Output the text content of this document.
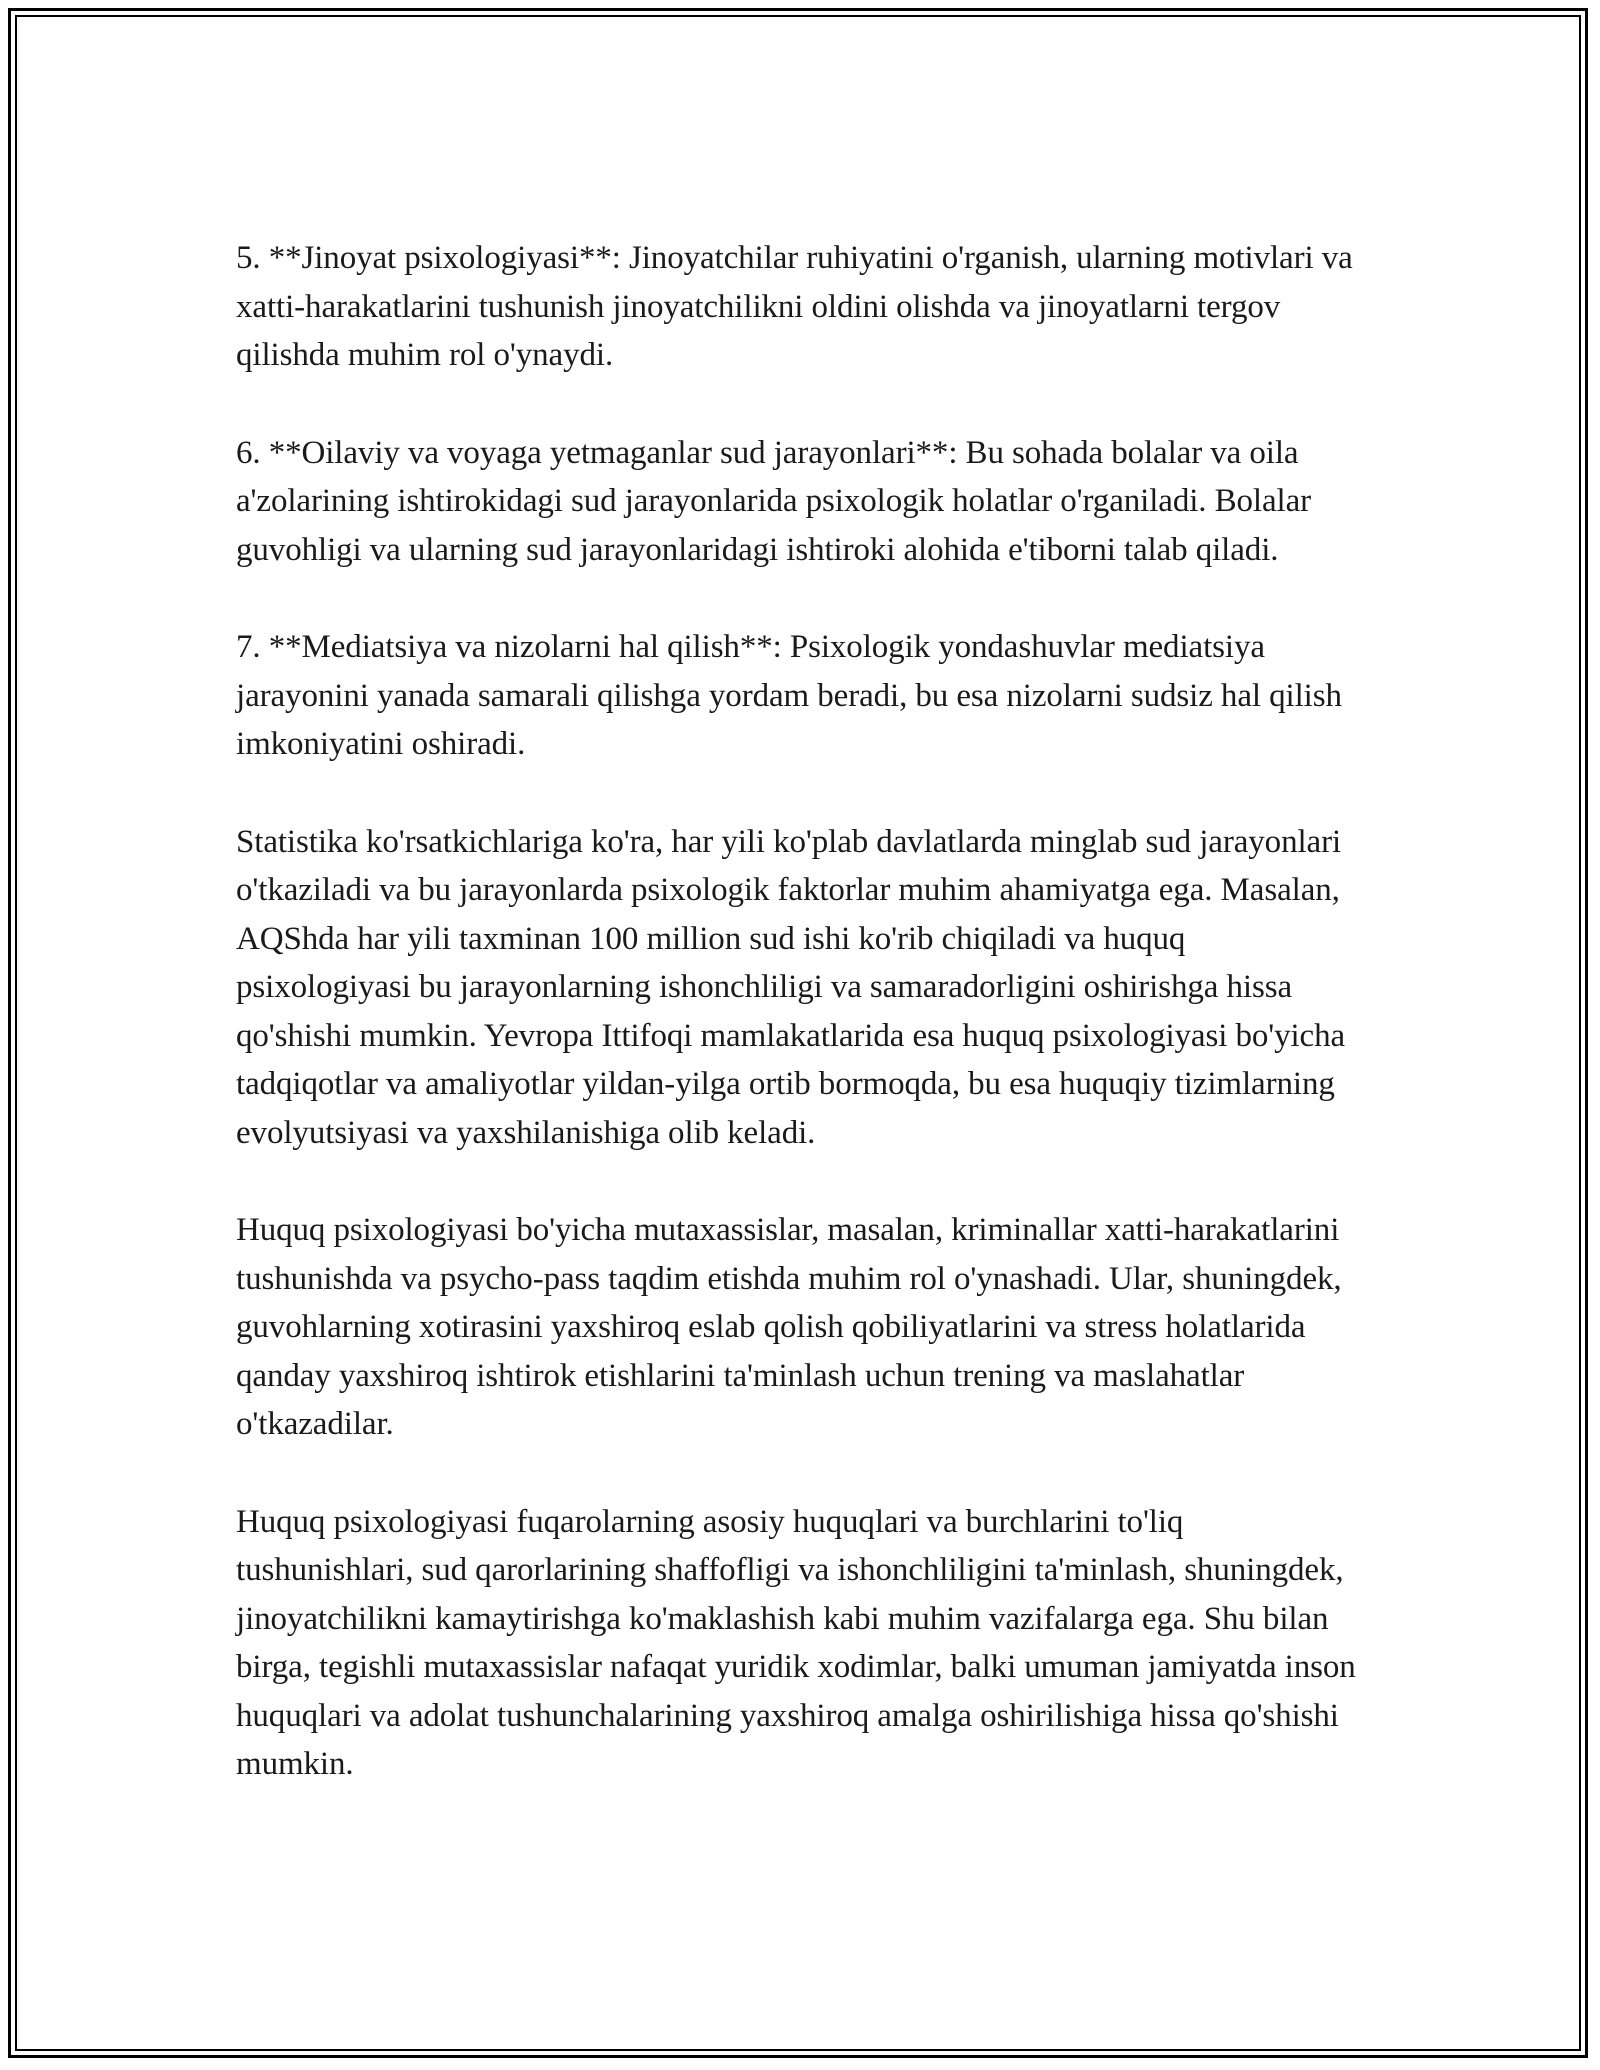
5. **Jinoyat psixologiyasi**: Jinoyatchilar ruhiyatini o'rganish, ularning motivlari va xatti-harakatlarini tushunish jinoyatchilikni oldini olishda va jinoyatlarni tergov qilishda muhim rol o'ynaydi.

6. **Oilaviy va voyaga yetmaganlar sud jarayonlari**: Bu sohada bolalar va oila a'zolarining ishtirokidagi sud jarayonlarida psixologik holatlar o'rganiladi. Bolalar guvohligi va ularning sud jarayonlaridagi ishtiroki alohida e'tiborni talab qiladi.

7. **Mediatsiya va nizolarni hal qilish**: Psixologik yondashuvlar mediatsiya jarayonini yanada samarali qilishga yordam beradi, bu esa nizolarni sudsiz hal qilish imkoniyatini oshiradi.

Statistika ko'rsatkichlariga ko'ra, har yili ko'plab davlatlarda minglab sud jarayonlari o'tkaziladi va bu jarayonlarda psixologik faktorlar muhim ahamiyatga ega. Masalan, AQShda har yili taxminan 100 million sud ishi ko'rib chiqiladi va huquq psixologiyasi bu jarayonlarning ishonchliligi va samaradorligini oshirishga hissa qo'shishi mumkin. Yevropa Ittifoqi mamlakatlarida esa huquq psixologiyasi bo'yicha tadqiqotlar va amaliyotlar yildan-yilga ortib bormoqda, bu esa huquqiy tizimlarning evolyutsiyasi va yaxshilanishiga olib keladi.

Huquq psixologiyasi bo'yicha mutaxassislar, masalan, kriminallar xatti-harakatlarini tushunishda va psycho-pass taqdim etishda muhim rol o'ynashadi. Ular, shuningdek, guvohlarning xotirasini yaxshiroq eslab qolish qobiliyatlarini va stress holatlarida qanday yaxshiroq ishtirok etishlarini ta'minlash uchun trening va maslahatlar o'tkazadilar.

Huquq psixologiyasi fuqarolarning asosiy huquqlari va burchlarini to'liq tushunishlari, sud qarorlarining shaffofligi va ishonchliligini ta'minlash, shuningdek, jinoyatchilikni kamaytirishga ko'maklashish kabi muhim vazifalarga ega. Shu bilan birga, tegishli mutaxassislar nafaqat yuridik xodimlar, balki umuman jamiyatda inson huquqlari va adolat tushunchalarining yaxshiroq amalga oshirilishiga hissa qo'shishi mumkin.
